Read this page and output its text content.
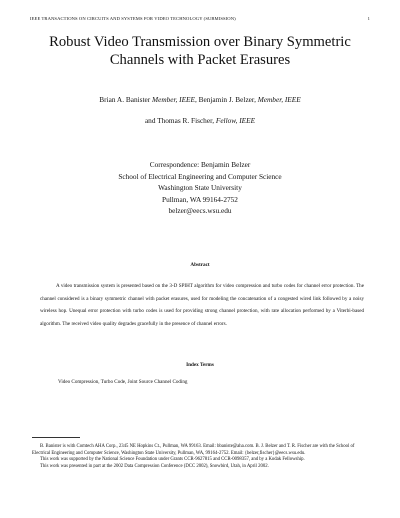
IEEE TRANSACTIONS ON CIRCUITS AND SYSTEMS FOR VIDEO TECHNOLOGY (SUBMISSION)	1
Robust Video Transmission over Binary Symmetric
Channels with Packet Erasures
Brian A. Banister Member, IEEE, Benjamin J. Belzer, Member, IEEE
and Thomas R. Fischer, Fellow, IEEE
Correspondence: Benjamin Belzer
School of Electrical Engineering and Computer Science
Washington State University
Pullman, WA 99164-2752
belzer@eecs.wsu.edu
Abstract
A video transmission system is presented based on the 3-D SPIHT algorithm for video compression and turbo codes for channel error protection. The channel considered is a binary symmetric channel with packet erasures, used for modeling the concatenation of a congested wired link followed by a noisy wireless hop. Unequal error protection with turbo codes is used for providing strong channel protection, with rate allocation performed by a Viterbi-based algorithm. The received video quality degrades gracefully in the presence of channel errors.
Index Terms
Video Compression, Turbo Code, Joint Source Channel Coding

B. Banister is with Comtech AHA Corp., 2345 NE Hopkins Ct., Pullman, WA 99163. Email: bbaniste@aha.com. B. J. Belzer and T. R. Fischer are with the School of Electrical Engineering and Computer Science, Washington State University, Pullman, WA, 99164-2752. Email: {belzer,fischer}@eecs.wsu.edu.

This work was supported by the National Science Foundation under Grants CCR-9627815 and CCR-0098357, and by a Kodak Fellowship.

This work was presented in part at the 2002 Data Compression Conference (DCC 2002), Snowbird, Utah, in April 2002.
